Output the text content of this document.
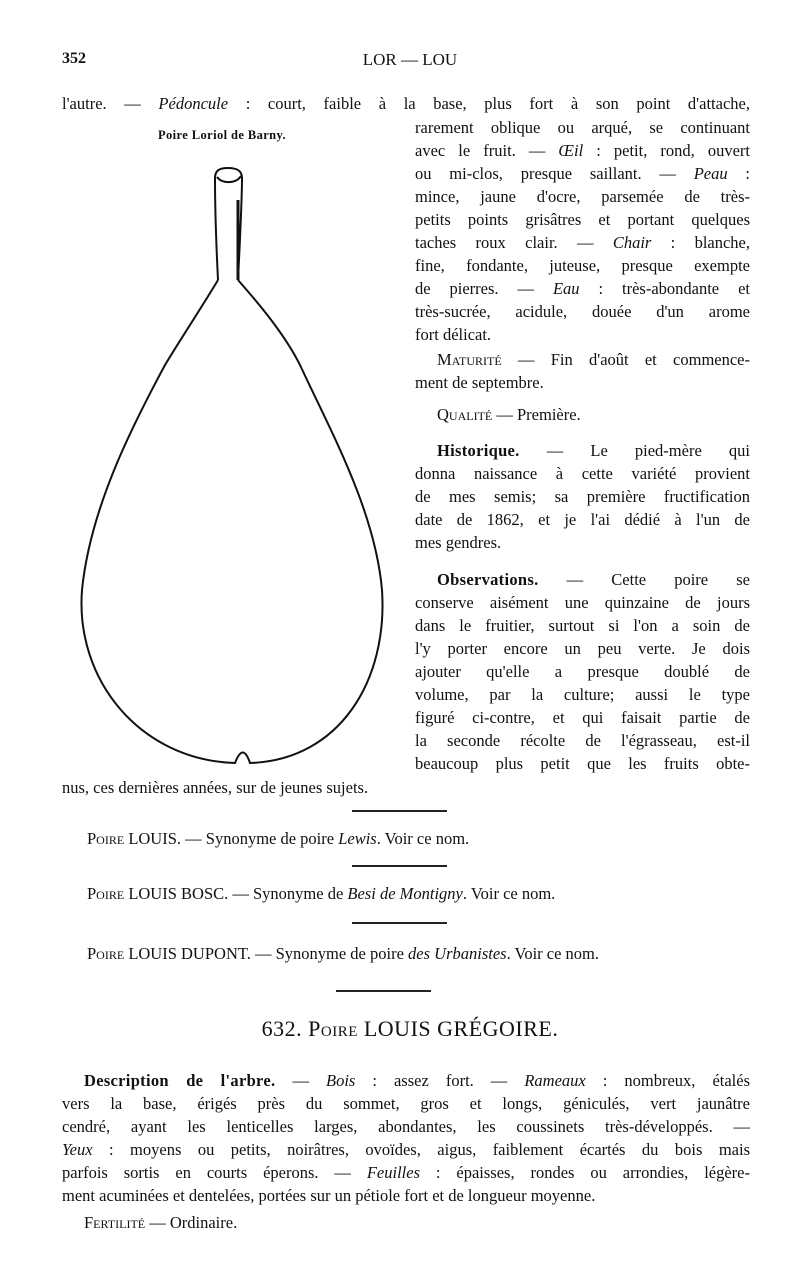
352	LOR — LOU
l'autre. — Pédoncule : court, faible à la base, plus fort à son point d'attache,
rarement oblique ou arqué, se continuant
avec le fruit. — Œil : petit, rond, ouvert
ou mi-clos, presque saillant. — Peau :
mince, jaune d'ocre, parsemée de très-
petits points grisâtres et portant quelques
taches roux clair. — Chair : blanche,
fine, fondante, juteuse, presque exempte
de pierres. — Eau : très-abondante et
très-sucrée, acidule, douée d'un arome
fort délicat.
Poire Loriol de Barny.
Maturité — Fin d'août et commence-
ment de septembre.
Qualité — Première.
Historique. — Le pied-mère qui
donna naissance à cette variété provient
de mes semis; sa première fructification
date de 1862, et je l'ai dédié à l'un de
mes gendres.
Observations. — Cette poire se
conserve aisément une quinzaine de jours
dans le fruitier, surtout si l'on a soin de
l'y porter encore un peu verte. Je dois
ajouter qu'elle a presque doublé de
volume, par la culture; aussi le type
figuré ci-contre, et qui faisait partie de
la seconde récolte de l'égrasseau, est-il
beaucoup plus petit que les fruits obte-
nus, ces dernières années, sur de jeunes sujets.
Poire LOUIS. — Synonyme de poire Lewis. Voir ce nom.
Poire LOUIS BOSC. — Synonyme de Besi de Montigny. Voir ce nom.
Poire LOUIS DUPONT. — Synonyme de poire des Urbanistes. Voir ce nom.
632. Poire LOUIS GRÉGOIRE.
Description de l'arbre. — Bois : assez fort. — Rameaux : nombreux, étalés
vers la base, érigés près du sommet, gros et longs, géniculés, vert jaunâtre
cendré, ayant les lenticelles larges, abondantes, les coussinets très-développés. —
Yeux : moyens ou petits, noirâtres, ovoïdes, aigus, faiblement écartés du bois mais
parfois sortis en courts éperons. — Feuilles : épaisses, rondes ou arrondies, légère-
ment acuminées et dentelées, portées sur un pétiole fort et de longueur moyenne.
Fertilité — Ordinaire.
